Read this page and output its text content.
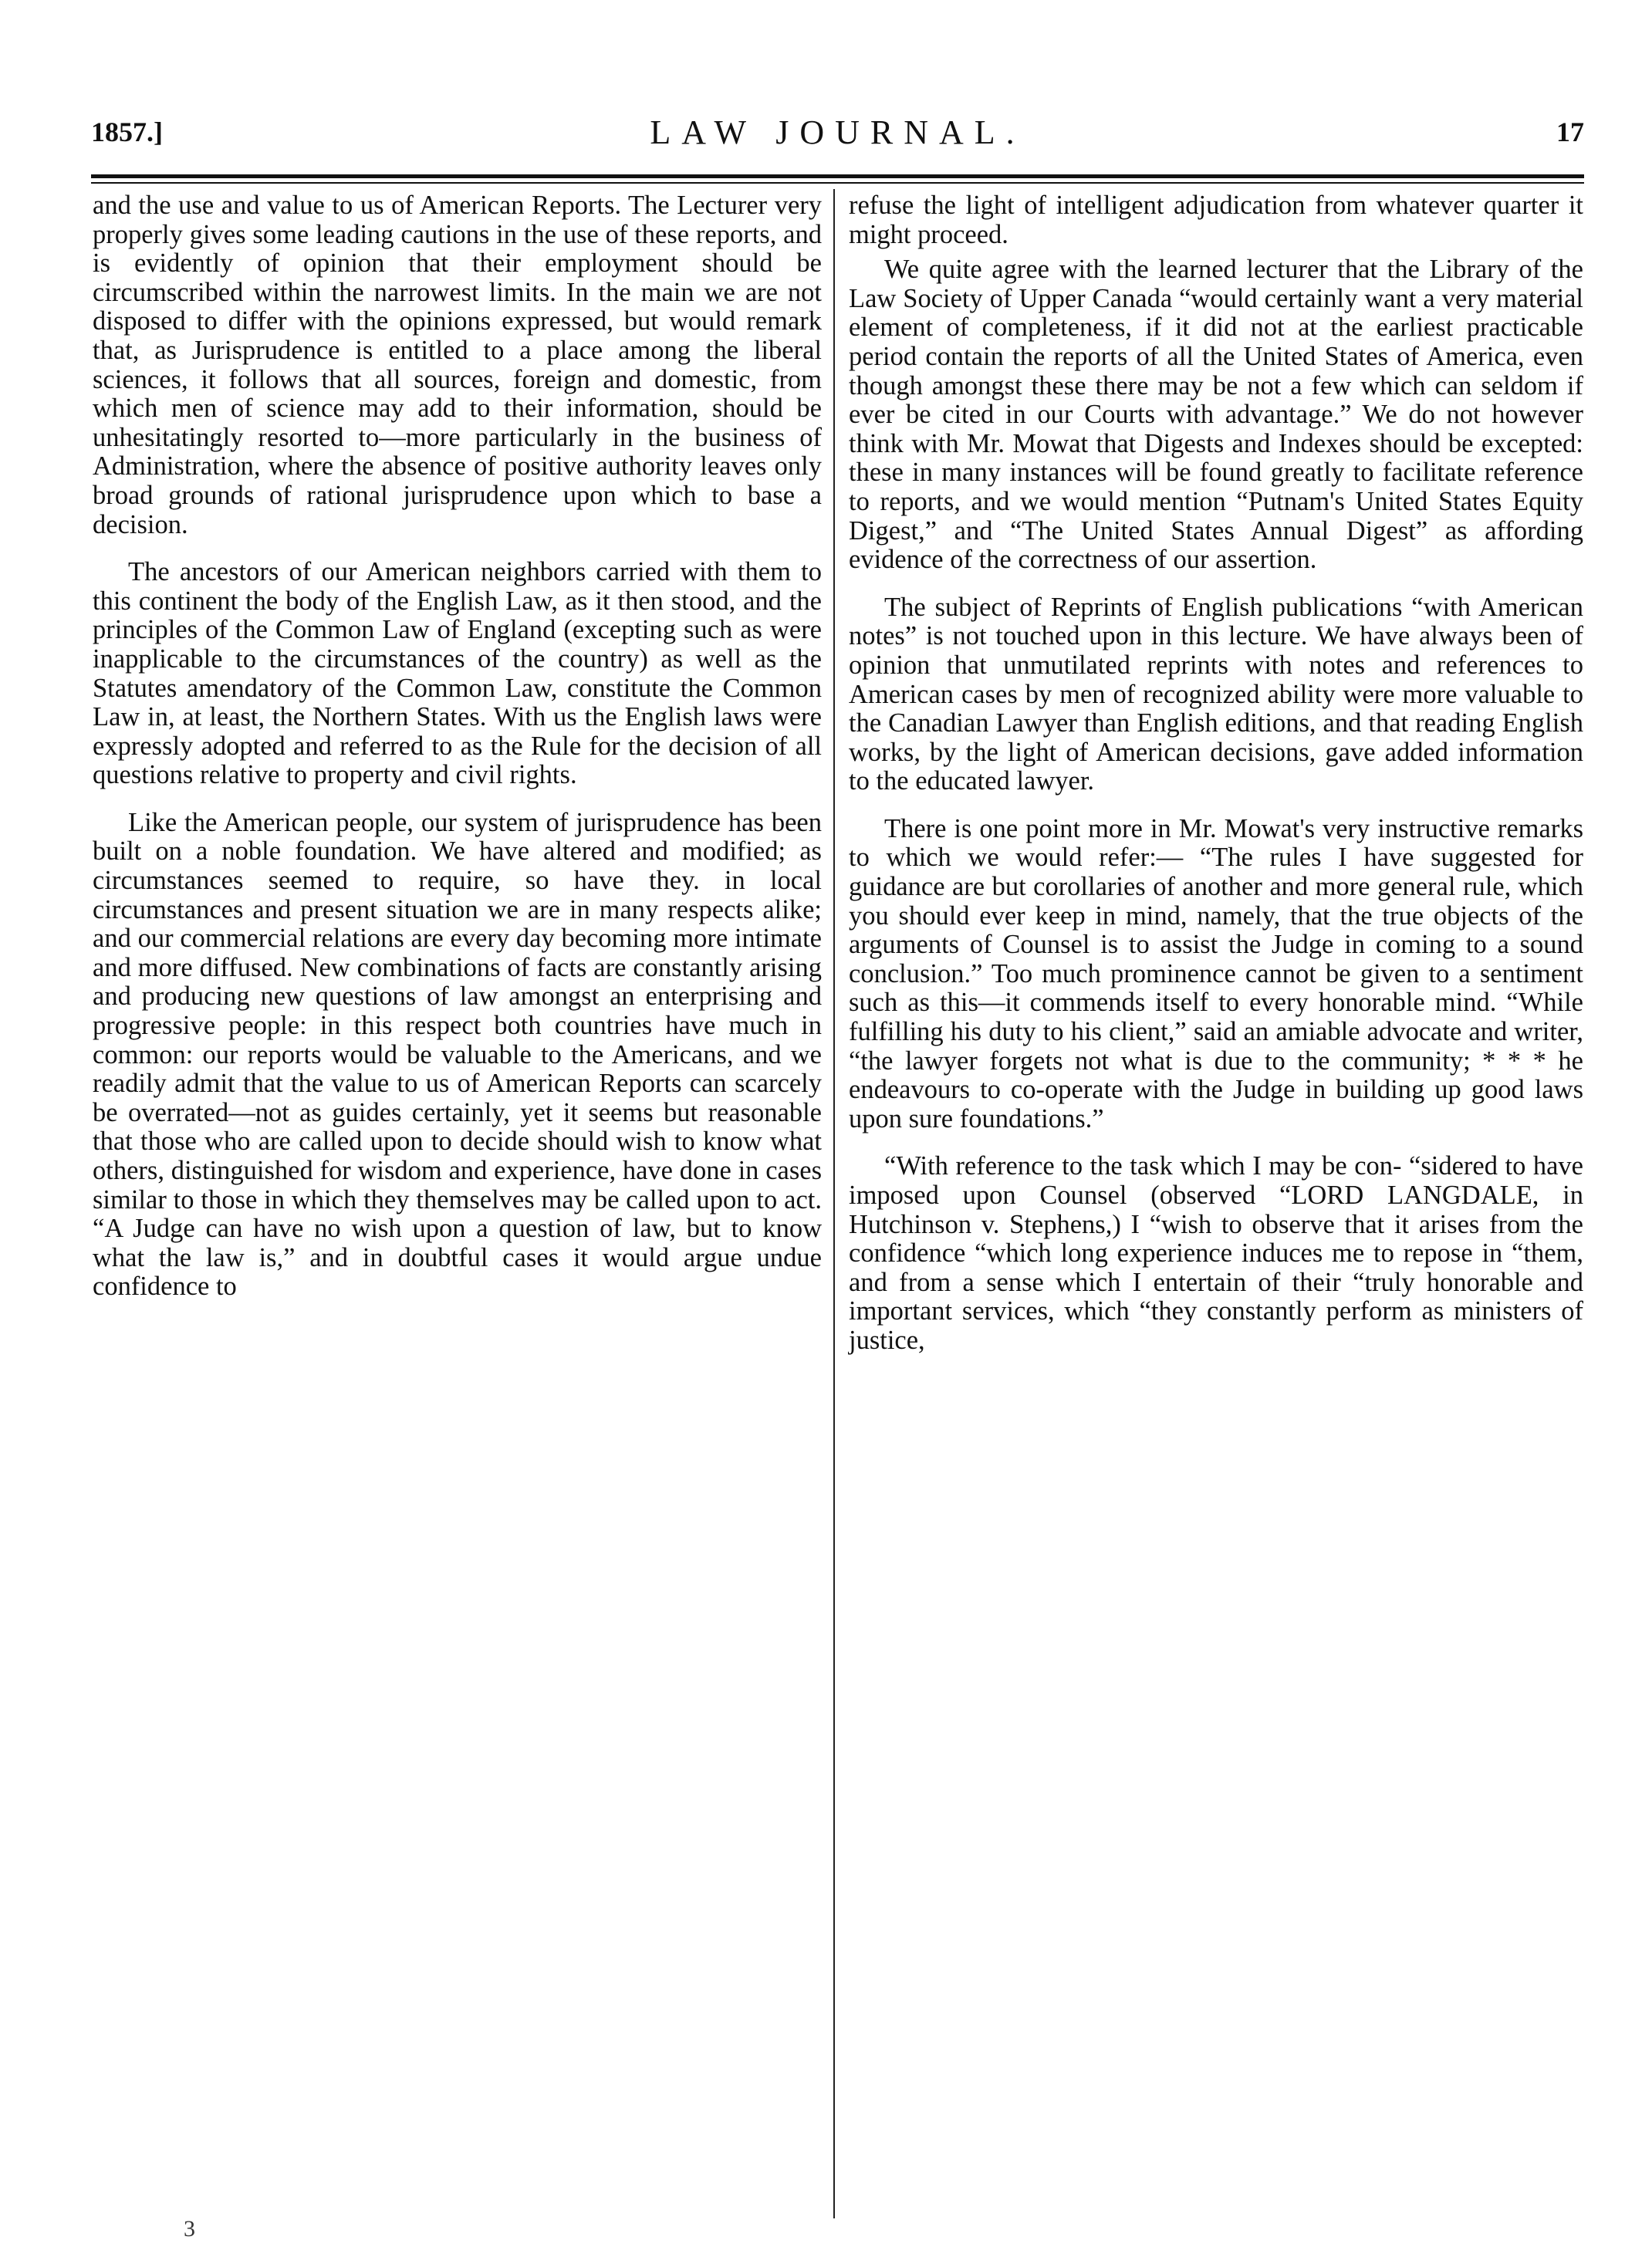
1857.]	LAW JOURNAL.	17

and the use and value to us of American Reports. The Lecturer very properly gives some leading cautions in the use of these reports, and is evidently of opinion that their employment should be circumscribed within the narrowest limits. In the main we are not disposed to differ with the opinions expressed, but would remark that, as Jurisprudence is entitled to a place among the liberal sciences, it follows that all sources, foreign and domestic, from which men of science may add to their information, should be unhesitatingly resorted to—more particularly in the business of Administration, where the absence of positive authority leaves only broad grounds of rational jurisprudence upon which to base a decision.

The ancestors of our American neighbors carried with them to this continent the body of the English Law, as it then stood, and the principles of the Common Law of England (excepting such as were inapplicable to the circumstances of the country) as well as the Statutes amendatory of the Common Law, constitute the Common Law in, at least, the Northern States. With us the English laws were expressly adopted and referred to as the Rule for the decision of all questions relative to property and civil rights.

Like the American people, our system of jurisprudence has been built on a noble foundation. We have altered and modified; as circumstances seemed to require, so have they. in local circumstances and present situation we are in many respects alike; and our commercial relations are every day becoming more intimate and more diffused. New combinations of facts are constantly arising and producing new questions of law amongst an enterprising and progressive people: in this respect both countries have much in common: our reports would be valuable to the Americans, and we readily admit that the value to us of American Reports can scarcely be overrated—not as guides certainly, yet it seems but reasonable that those who are called upon to decide should wish to know what others, distinguished for wisdom and experience, have done in cases similar to those in which they themselves may be called upon to act. “A Judge can have no wish upon a question of law, but to know what the law is,” and in doubtful cases it would argue undue confidence to

refuse the light of intelligent adjudication from whatever quarter it might proceed.

We quite agree with the learned lecturer that the Library of the Law Society of Upper Canada “would certainly want a very material element of completeness, if it did not at the earliest practicable period contain the reports of all the United States of America, even though amongst these there may be not a few which can seldom if ever be cited in our Courts with advantage.” We do not however think with Mr. Mowat that Digests and Indexes should be excepted: these in many instances will be found greatly to facilitate reference to reports, and we would mention “Putnam's United States Equity Digest,” and “The United States Annual Digest” as affording evidence of the correctness of our assertion.

The subject of Reprints of English publications “with American notes” is not touched upon in this lecture. We have always been of opinion that unmutilated reprints with notes and references to American cases by men of recognized ability were more valuable to the Canadian Lawyer than English editions, and that reading English works, by the light of American decisions, gave added information to the educated lawyer.

There is one point more in Mr. Mowat's very instructive remarks to which we would refer:— “The rules I have suggested for guidance are but corollaries of another and more general rule, which you should ever keep in mind, namely, that the true objects of the arguments of Counsel is to assist the Judge in coming to a sound conclusion.” Too much prominence cannot be given to a sentiment such as this—it commends itself to every honorable mind. “While fulfilling his duty to his client,” said an amiable advocate and writer, “the lawyer forgets not what is due to the community; * * * he endeavours to co-operate with the Judge in building up good laws upon sure foundations.”

“With reference to the task which I may be con- “sidered to have imposed upon Counsel (observed “LORD LANGDALE, in Hutchinson v. Stephens,) I “wish to observe that it arises from the confidence “which long experience induces me to repose in “them, and from a sense which I entertain of their “truly honorable and important services, which “they constantly perform as ministers of justice,

3
